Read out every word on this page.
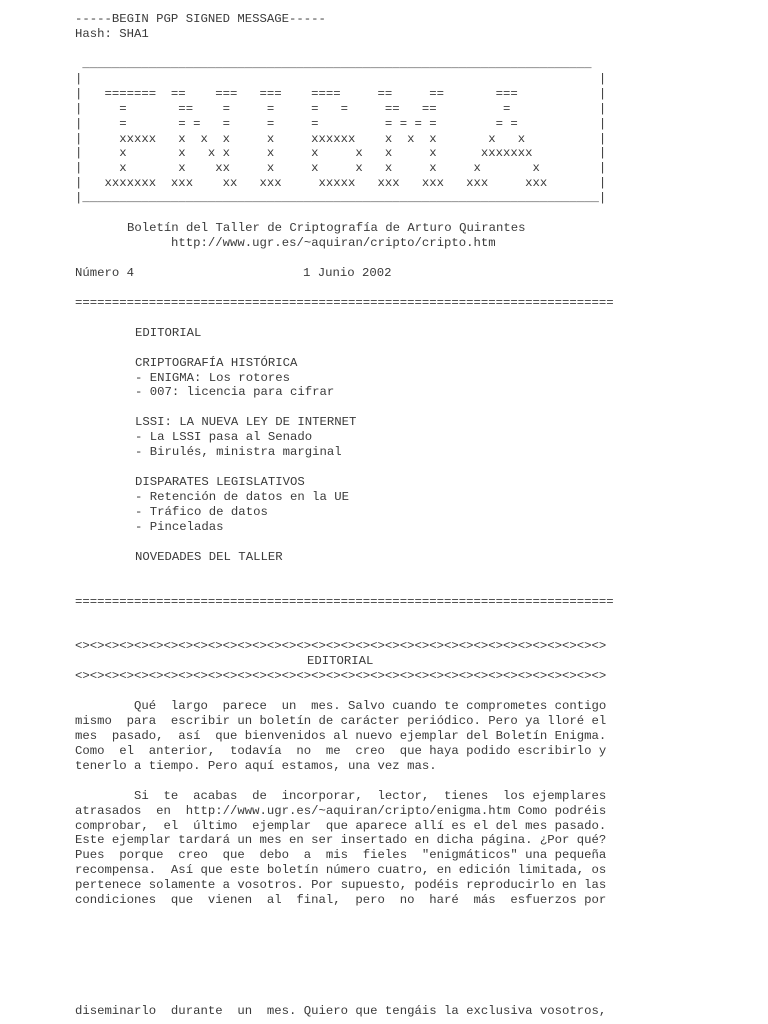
-----BEGIN PGP SIGNED MESSAGE-----
Hash: SHA1
_____________________________________________________________________
|                                                                      |
|   =======  ==    ===   ===    ====     ==     ==       ===           |
|     =       ==    =     =     =   =     ==   ==         =            |
|     =       = =   =     =     =         = = = =        = =           |
|     xxxxx   x  x  x     x     xxxxxx    x  x  x       x   x          |
|     x       x   x x     x     x     x   x     x      xxxxxxx         |
|     x       x    xx     x     x     x   x     x     x       x        |
|   xxxxxxx  xxx    xx   xxx     xxxxx   xxx   xxx   xxx     xxx       |
|______________________________________________________________________|
Boletín del Taller de Criptografía de Arturo Quirantes
http://www.ugr.es/~aquiran/cripto/cripto.htm
Número 4	1 Junio 2002
=========================================================================
EDITORIAL
CRIPTOGRAFÍA HISTÓRICA
- ENIGMA: Los rotores
- 007: licencia para cifrar
LSSI: LA NUEVA LEY DE INTERNET
- La LSSI pasa al Senado
- Birulés, ministra marginal
DISPARATES LEGISLATIVOS
- Retención de datos en la UE
- Tráfico de datos
- Pinceladas
NOVEDADES DEL TALLER
=========================================================================
<><><><><><><><><><><><><><><><><><><><><><><><><><><><><><><><><><><><>
EDITORIAL
<><><><><><><><><><><><><><><><><><><><><><><><><><><><><><><><><><><><>
Qué  largo  parece  un  mes. Salvo cuando te comprometes contigo
mismo  para  escribir un boletín de carácter periódico. Pero ya lloré el
mes  pasado,  así  que bienvenidos al nuevo ejemplar del Boletín Enigma.
Como  el  anterior,  todavía  no  me  creo  que haya podido escribirlo y
tenerlo a tiempo. Pero aquí estamos, una vez mas.
Si  te  acabas  de  incorporar,  lector,  tienes  los ejemplares
atrasados  en  http://www.ugr.es/~aquiran/cripto/enigma.htm Como podréis
comprobar,  el  último  ejemplar  que aparece allí es el del mes pasado.
Este ejemplar tardará un mes en ser insertado en dicha página. ¿Por qué?
Pues  porque  creo  que  debo  a  mis  fieles  "enigmáticos" una pequeña
recompensa.  Así que este boletín número cuatro, en edición limitada, os
pertenece solamente a vosotros. Por supuesto, podéis reproducirlo en las
condiciones  que  vienen  al  final,  pero  no  haré  más  esfuerzos por
diseminarlo  durante  un  mes. Quiero que tengáis la exclusiva vosotros,
